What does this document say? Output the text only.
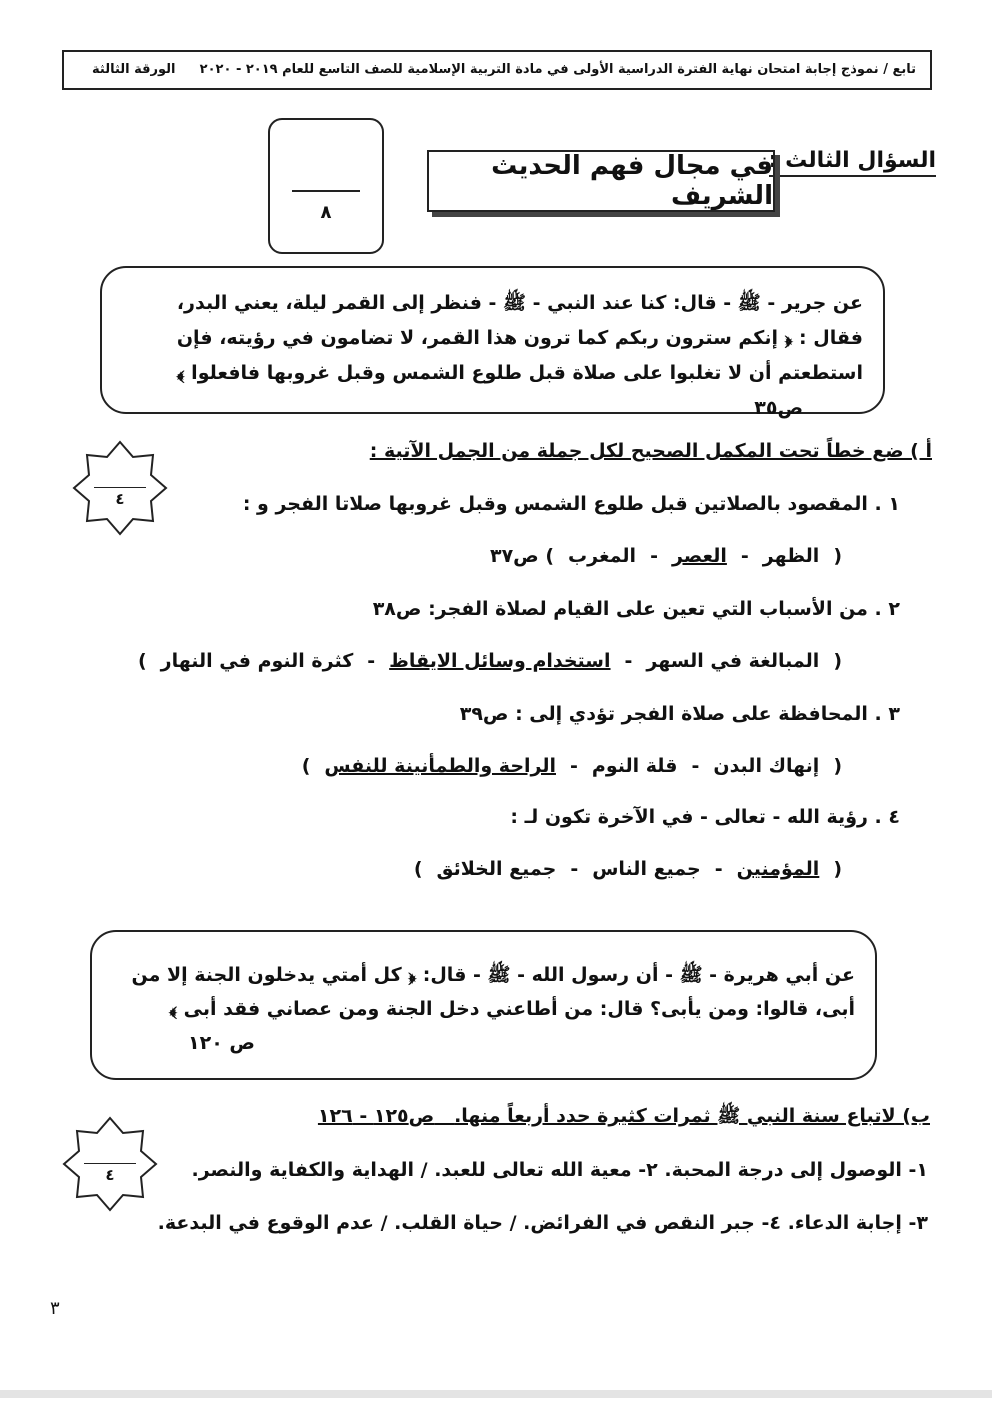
تابع / نموذج إجابة امتحان نهاية الفترة الدراسية الأولى في مادة التربية الإسلامية للصف التاسع للعام ٢٠١٩ - ٢٠٢٠
الورقة الثالثة
السؤال الثالث :
في مجال فهم الحديث الشريف
٨
عن جرير - ﷺ - قال: كنا عند النبي - ﷺ - فنظر إلى القمر ليلة، يعني البدر، فقال : ﴿ إنكم سترون ربكم كما ترون هذا القمر، لا تضامون في رؤيته، فإن استطعتم أن لا تغلبوا على صلاة قبل طلوع الشمس وقبل غروبها فافعلوا ﴾ ص٣٥
أ ) ضع خطاً تحت المكمل الصحيح لكل جملة من الجمل الآتية :
٤	١ . المقصود بالصلاتين قبل طلوع الشمس وقبل غروبها صلاتا الفجر و :
(الظهر-العصر-المغرب) ص٣٧
٢ . من الأسباب التي تعين على القيام لصلاة الفجر: ص٣٨
(المبالغة في السهر-استخدام وسائل الايقاظ-كثرة النوم في النهار)
٣ . المحافظة على صلاة الفجر تؤدي إلى : ص٣٩
(إنهاك البدن-قلة النوم-الراحة والطمأنينة للنفس)
٤ . رؤية الله - تعالى - في الآخرة تكون لـ :
(المؤمنين-جميع الناس-جميع الخلائق)
عن أبي هريرة - ﷺ - أن رسول الله - ﷺ - قال: ﴿ كل أمتي يدخلون الجنة إلا من أبى، قالوا: ومن يأبى؟ قال: من أطاعني دخل الجنة ومن عصاني فقد أبى ﴾
ص ١٢٠
ب) لاتباع سنة النبي ﷺ ثمرات كثيرة حدد أربعاً منها.   ص١٢٥ - ١٢٦
٤	١- الوصول إلى درجة المحبة. ٢- معية الله تعالى للعبد. / الهداية والكفاية والنصر.
٣- إجابة الدعاء. ٤- جبر النقص في الفرائض. / حياة القلب. / عدم الوقوع في البدعة.
٣
